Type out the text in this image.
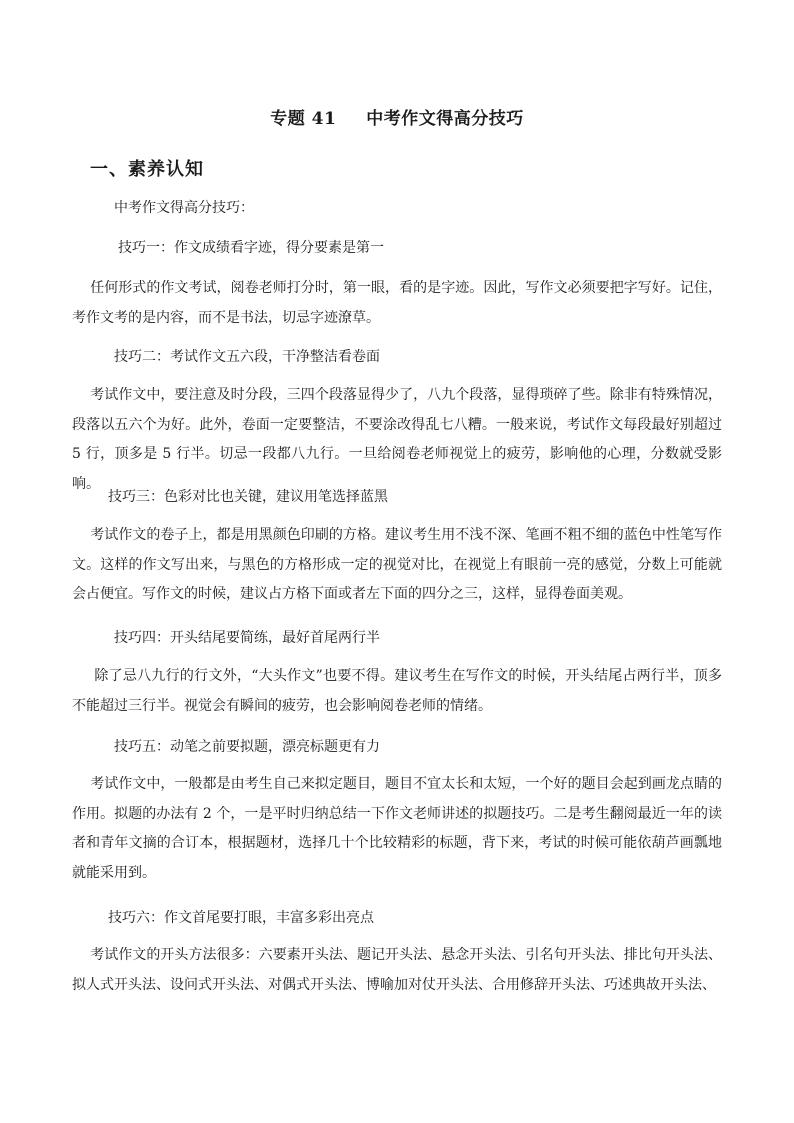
专题 41 中考作文得高分技巧
一、素养认知
中考作文得高分技巧：
技巧一：作文成绩看字迹，得分要素是第一
任何形式的作文考试，阅卷老师打分时，第一眼，看的是字迹。因此，写作文必须要把字写好。记住，考作文考的是内容，而不是书法，切忌字迹潦草。
技巧二：考试作文五六段，干净整洁看卷面
考试作文中，要注意及时分段，三四个段落显得少了，八九个段落，显得琐碎了些。除非有特殊情况，段落以五六个为好。此外，卷面一定要整洁，不要涂改得乱七八糟。一般来说，考试作文每段最好别超过 5 行，顶多是 5 行半。切忌一段都八九行。一旦给阅卷老师视觉上的疲劳，影响他的心理，分数就受影响。
技巧三：色彩对比也关键，建议用笔选择蓝黑
考试作文的卷子上，都是用黑颜色印刷的方格。建议考生用不浅不深、笔画不粗不细的蓝色中性笔写作文。这样的作文写出来，与黑色的方格形成一定的视觉对比，在视觉上有眼前一亮的感觉，分数上可能就会占便宜。写作文的时候，建议占方格下面或者左下面的四分之三，这样，显得卷面美观。
技巧四：开头结尾要简练，最好首尾两行半
除了忌八九行的行文外，“大头作文”也要不得。建议考生在写作文的时候，开头结尾占两行半，顶多不能超过三行半。视觉会有瞬间的疲劳，也会影响阅卷老师的情绪。
技巧五：动笔之前要拟题，漂亮标题更有力
考试作文中，一般都是由考生自己来拟定题目，题目不宜太长和太短，一个好的题目会起到画龙点睛的作用。拟题的办法有 2 个，一是平时归纳总结一下作文老师讲述的拟题技巧。二是考生翻阅最近一年的读者和青年文摘的合订本，根据题材，选择几十个比较精彩的标题，背下来，考试的时候可能依葫芦画瓢地就能采用到。
技巧六：作文首尾要打眼，丰富多彩出亮点
考试作文的开头方法很多：六要素开头法、题记开头法、悬念开头法、引名句开头法、排比句开头法、拟人式开头法、设问式开头法、对偶式开头法、博喻加对仗开头法、合用修辞开头法、巧述典故开头法、
